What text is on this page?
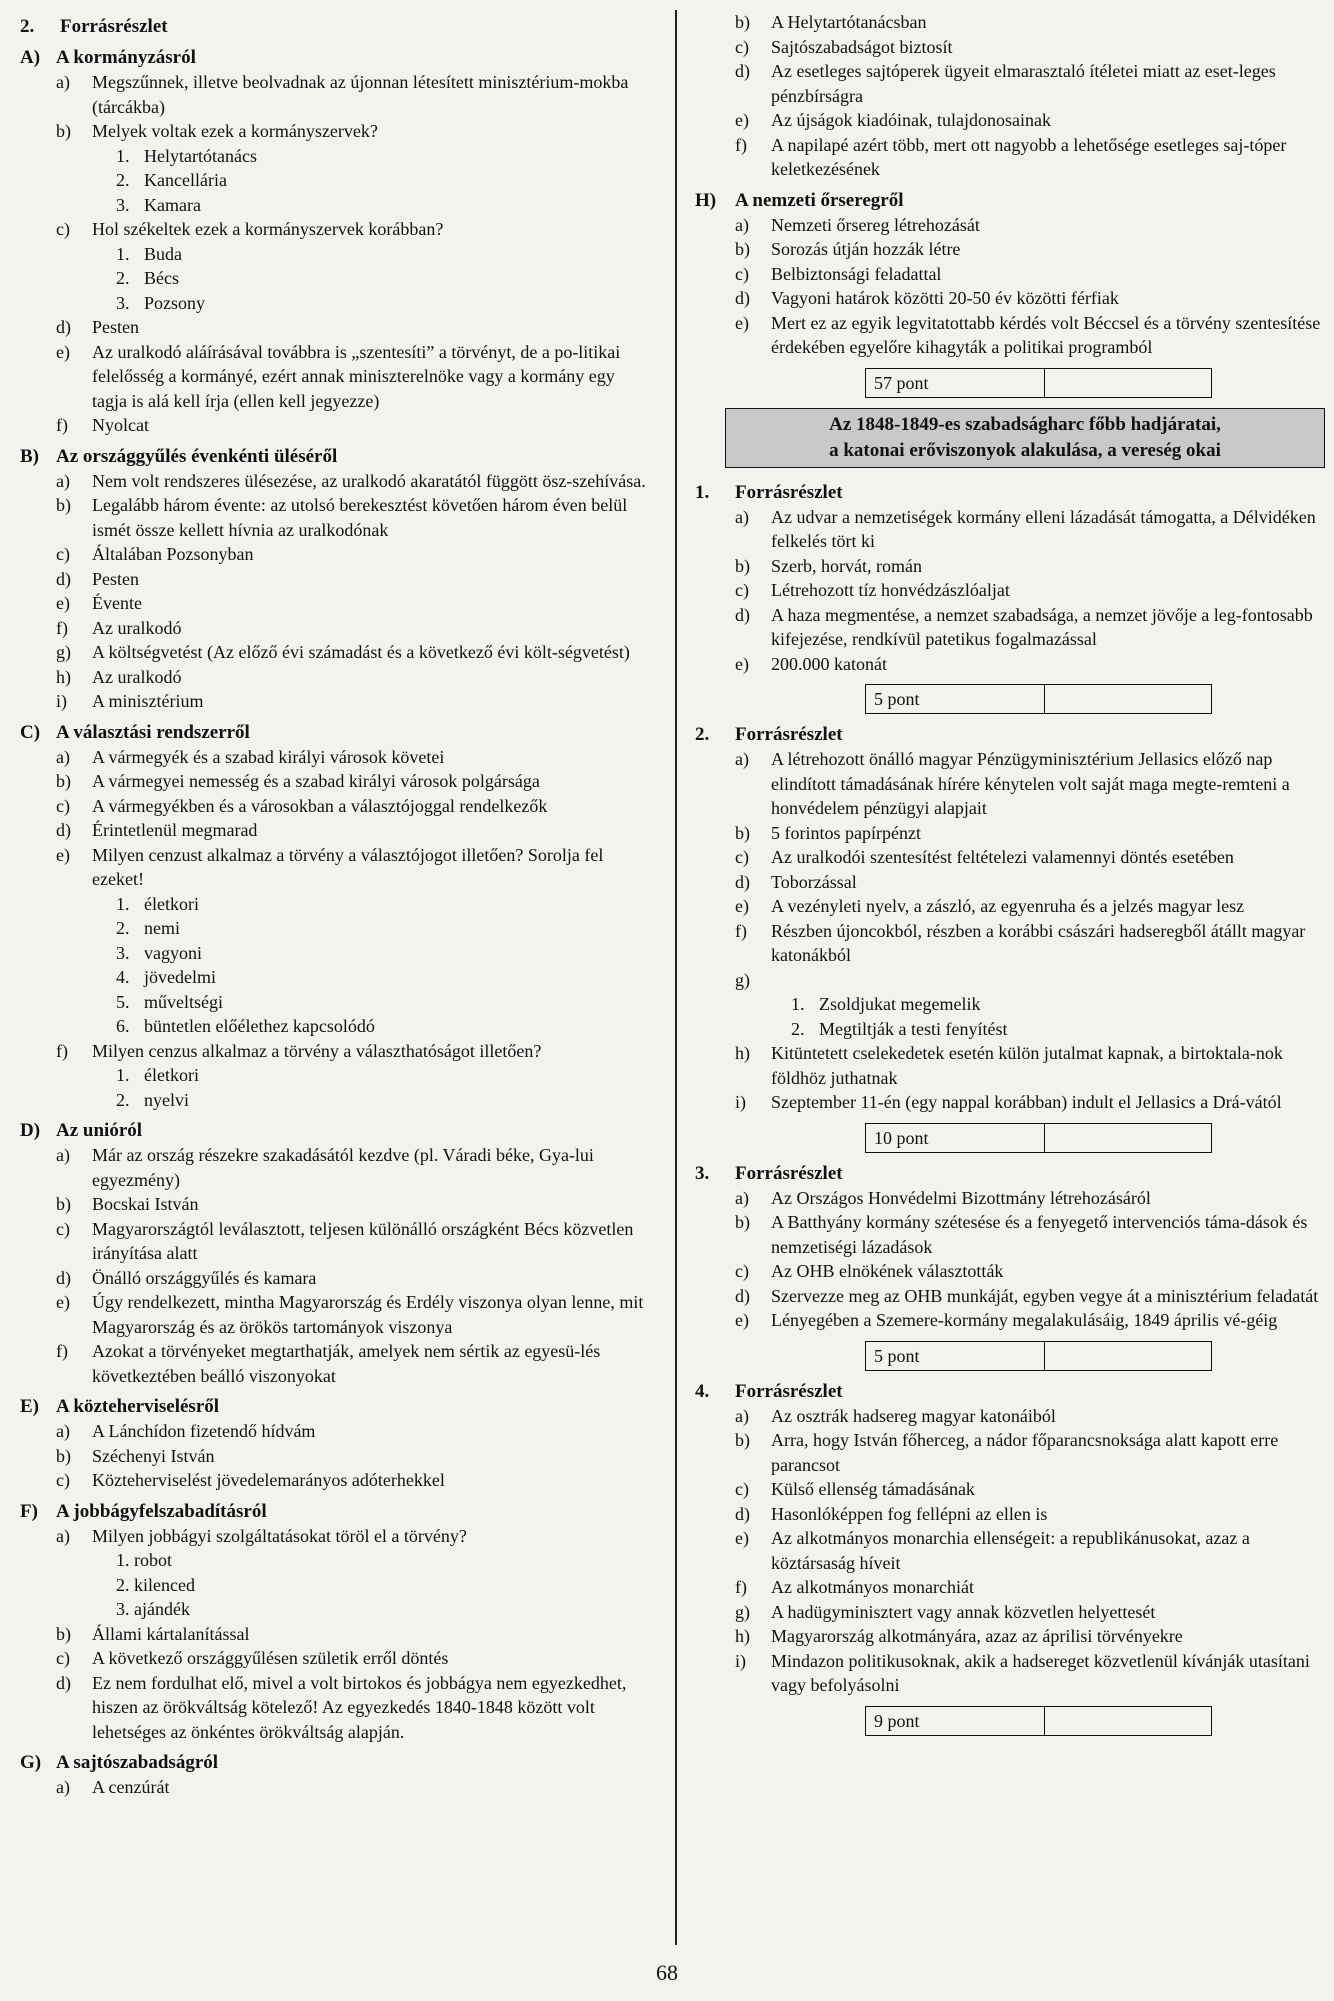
2. Forrásrészlet
A) A kormányzásról
a)	Megszűnnek, illetve beolvadnak az újonnan létesített minisztérium-mokba (tárcákba)
b)	Melyek voltak ezek a kormányszervek?
1. Helytartótanács
2. Kancellária
3. Kamara
c)	Hol székeltek ezek a kormányszervek korábban?
1. Buda
2. Bécs
3. Pozsony
d)	Pesten
e)	Az uralkodó aláírásával továbbra is „szentesíti” a törvényt, de a po-litikai felelősség a kormányé, ezért annak miniszterelnöke vagy a kormány egy tagja is alá kell írja (ellen kell jegyezze)
f)	Nyolcat
B) Az országgyűlés évenkénti üléséről
a)	Nem volt rendszeres ülésezése, az uralkodó akaratától függött ösz-szehívása.
b)	Legalább három évente: az utolsó berekesztést követően három éven belül ismét össze kellett hívnia az uralkodónak
c)	Általában Pozsonyban
d)	Pesten
e)	Évente
f)	Az uralkodó
g)	A költségvetést (Az előző évi számadást és a következő évi költ-ségvetést)
h)	Az uralkodó
i)	A minisztérium
C) A választási rendszerről
a)	A vármegyék és a szabad királyi városok követei
b)	A vármegyei nemesség és a szabad királyi városok polgársága
c)	A vármegyékben és a városokban a választójoggal rendelkezők
d)	Érintetlenül megmarad
e)	Milyen cenzust alkalmaz a törvény a választójogot illetően? Sorolja fel ezeket!
1. életkori
2. nemi
3. vagyoni
4. jövedelmi
5. műveltségi
6. büntetlen előélethez kapcsolódó
f)	Milyen cenzus alkalmaz a törvény a választhatóságot illetően?
1. életkori
2. nyelvi
D) Az unióról
a)	Már az ország részekre szakadásától kezdve (pl. Váradi béke, Gya-lui egyezmény)
b)	Bocskai István
c)	Magyarországtól leválasztott, teljesen különálló országként Bécs közvetlen irányítása alatt
d)	Önálló országgyűlés és kamara
e)	Úgy rendelkezett, mintha Magyarország és Erdély viszonya olyan lenne, mit Magyarország és az örökös tartományok viszonya
f)	Azokat a törvényeket megtarthatják, amelyek nem sértik az egyesü-lés következtében beálló viszonyokat
E) A közteherviselésről
a)	A Lánchídon fizetendő hídvám
b)	Széchenyi István
c)	Közteherviselést jövedelemarányos adóterhekkel
F) A jobbágyfelszabadításról
a)	Milyen jobbágyi szolgáltatásokat töröl el a törvény?
1. robot
2. kilenced
3. ajándék
b)	Állami kártalanítással
c)	A következő országgyűlésen születik erről döntés
d)	Ez nem fordulhat elő, mivel a volt birtokos és jobbágya nem egyezkedhet, hiszen az örökváltság kötelező! Az egyezkedés 1840-1848 között volt lehetséges az önkéntes örökváltság alapján.
G) A sajtószabadságról
a)	A cenzúrát
b)	A Helytartótanácsban
c)	Sajtószabadságot biztosít
d)	Az esetleges sajtóperek ügyeit elmarasztaló ítéletei miatt az eset-leges pénzbírságra
e)	Az újságok kiadóinak, tulajdonosainak
f)	A napilapé azért több, mert ott nagyobb a lehetősége esetleges saj-tóper keletkezésének
H) A nemzeti őrseregről
a)	Nemzeti őrsereg létrehozását
b)	Sorozás útján hozzák létre
c)	Belbiztonsági feladattal
d)	Vagyoni határok közötti 20-50 év közötti férfiak
e)	Mert ez az egyik legvitatottabb kérdés volt Béccsel és a törvény szentesítése érdekében egyelőre kihagyták a politikai programból
57 pont
Az 1848-1849-es szabadságharc főbb hadjáratai,
a katonai erőviszonyok alakulása, a vereség okai
1. Forrásrészlet
a)	Az udvar a nemzetiségek kormány elleni lázadását támogatta, a Délvidéken felkelés tört ki
b)	Szerb, horvát, román
c)	Létrehozott tíz honvédzászlóaljat
d)	A haza megmentése, a nemzet szabadsága, a nemzet jövője a leg-fontosabb kifejezése, rendkívül patetikus fogalmazással
e)	200.000 katonát
5 pont
2. Forrásrészlet
a)	A létrehozott önálló magyar Pénzügyminisztérium Jellasics előző nap elindított támadásának hírére kénytelen volt saját maga megte-remteni a honvédelem pénzügyi alapjait
b)	5 forintos papírpénzt
c)	Az uralkodói szentesítést feltételezi valamennyi döntés esetében
d)	Toborzással
e)	A vezényleti nyelv, a zászló, az egyenruha és a jelzés magyar lesz
f)	Részben újoncokból, részben a korábbi császári hadseregből átállt magyar katonákból
g)
1. Zsoldjukat megemelik
2. Megtiltják a testi fenyítést
h)	Kitüntetett cselekedetek esetén külön jutalmat kapnak, a birtoktala-nok földhöz juthatnak
i)	Szeptember 11-én (egy nappal korábban) indult el Jellasics a Drá-vától
10 pont
3. Forrásrészlet
a)	Az Országos Honvédelmi Bizottmány létrehozásáról
b)	A Batthyány kormány szétesése és a fenyegető intervenciós táma-dások és nemzetiségi lázadások
c)	Az OHB elnökének választották
d)	Szervezze meg az OHB munkáját, egyben vegye át a minisztérium feladatát
e)	Lényegében a Szemere-kormány megalakulásáig, 1849 április vé-géig
5 pont
4. Forrásrészlet
a)	Az osztrák hadsereg magyar katonáiból
b)	Arra, hogy István főherceg, a nádor főparancsnoksága alatt kapott erre parancsot
c)	Külső ellenség támadásának
d)	Hasonlóképpen fog fellépni az ellen is
e)	Az alkotmányos monarchia ellenségeit: a republikánusokat, azaz a köztársaság híveit
f)	Az alkotmányos monarchiát
g)	A hadügyminisztert vagy annak közvetlen helyettesét
h)	Magyarország alkotmányára, azaz az áprilisi törvényekre
i)	Mindazon politikusoknak, akik a hadsereget közvetlenül kívánják utasítani vagy befolyásolni
9 pont
68
